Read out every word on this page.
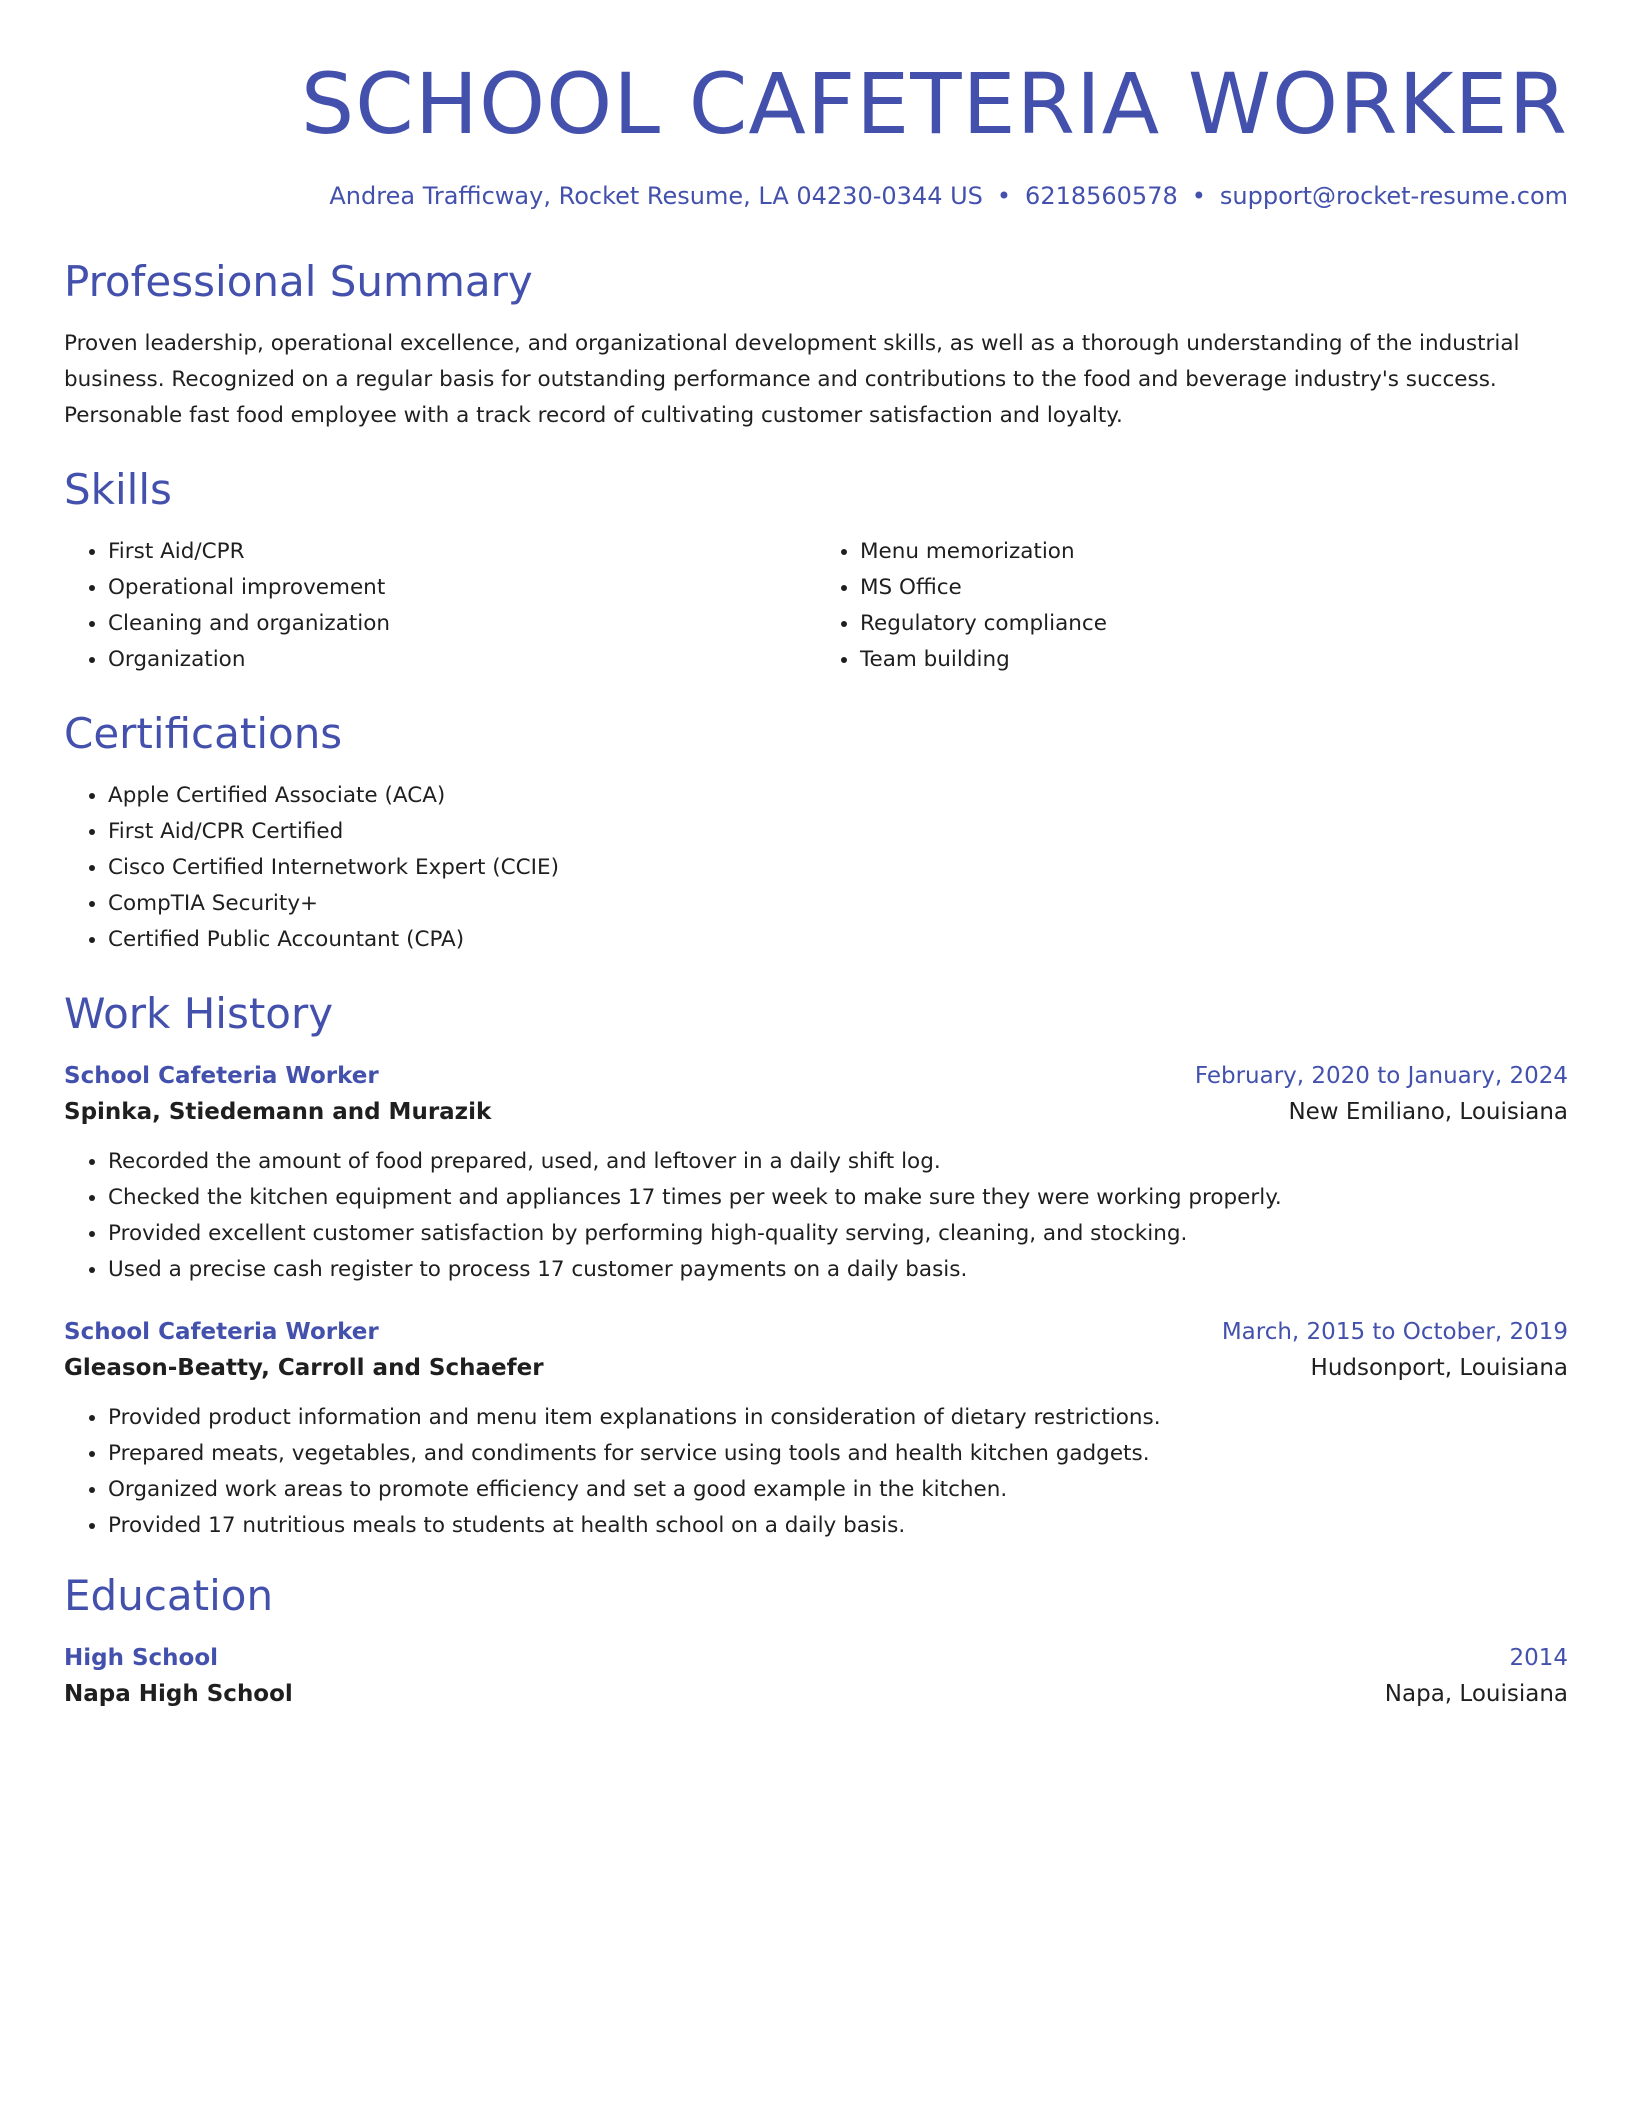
SCHOOL CAFETERIA WORKER
Andrea Trafficway, Rocket Resume, LA 04230-0344 US • 6218560578 • support@rocket-resume.com
Professional Summary

Proven leadership, operational excellence, and organizational development skills, as well as a thorough understanding of the industrial business. Recognized on a regular basis for outstanding performance and contributions to the food and beverage industry's success. Personable fast food employee with a track record of cultivating customer satisfaction and loyalty.

Skills
• First Aid/CPR
• Operational improvement
• Cleaning and organization
• Organization
• Menu memorization
• MS Office
• Regulatory compliance
• Team building
Certifications
• Apple Certified Associate (ACA)
• First Aid/CPR Certified
• Cisco Certified Internetwork Expert (CCIE)
• CompTIA Security+
• Certified Public Accountant (CPA)
Work History
School Cafeteria Worker	February, 2020 to January, 2024
Spinka, Stiedemann and Murazik	New Emiliano, Louisiana
• Recorded the amount of food prepared, used, and leftover in a daily shift log.
• Checked the kitchen equipment and appliances 17 times per week to make sure they were working properly.
• Provided excellent customer satisfaction by performing high-quality serving, cleaning, and stocking.
• Used a precise cash register to process 17 customer payments on a daily basis.
School Cafeteria Worker	March, 2015 to October, 2019
Gleason-Beatty, Carroll and Schaefer	Hudsonport, Louisiana
• Provided product information and menu item explanations in consideration of dietary restrictions.
• Prepared meats, vegetables, and condiments for service using tools and health kitchen gadgets.
• Organized work areas to promote efficiency and set a good example in the kitchen.
• Provided 17 nutritious meals to students at health school on a daily basis.
Education
High School	2014
Napa High School	Napa, Louisiana
